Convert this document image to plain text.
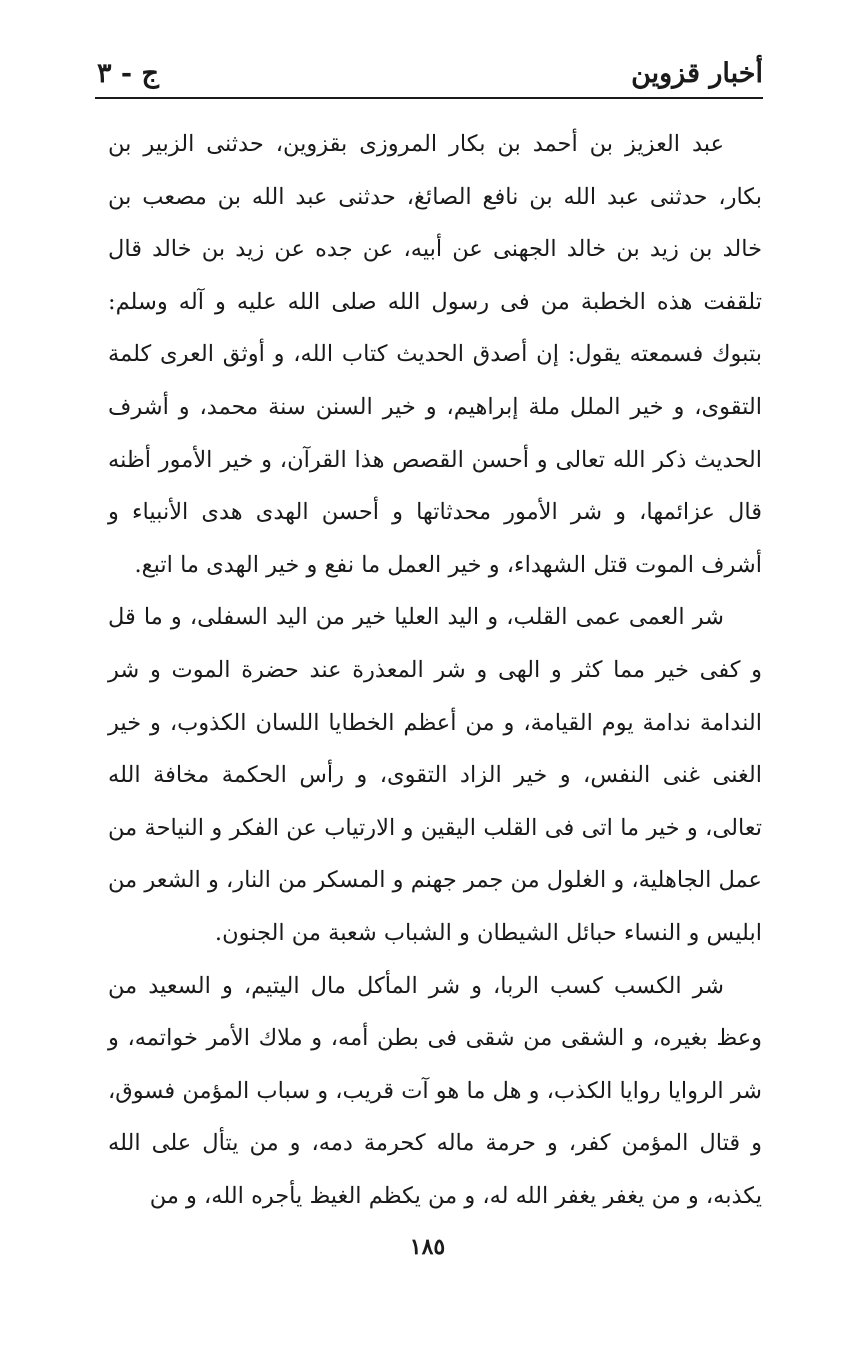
أخبار قزوين
ج - ٣

عبد العزيز بن أحمد بن بكار المروزى بقزوين، حدثنى الزبير بن بكار، حدثنى عبد الله بن نافع الصائغ، حدثنى عبد الله بن مصعب بن خالد بن زيد بن خالد الجهنى عن أبيه، عن جده عن زيد بن خالد قال تلقفت هذه الخطبة من فى رسول الله صلى الله عليه و آله وسلم: بتبوك فسمعته يقول: إن أصدق الحديث كتاب الله، و أوثق العرى كلمة التقوى، و خير الملل ملة إبراهيم، و خير السنن سنة محمد، و أشرف الحديث ذكر الله تعالى و أحسن القصص هذا القرآن، و خير الأمور أظنه قال عزائمها، و شر الأمور محدثاتها و أحسن الهدى هدى الأنبياء و أشرف الموت قتل الشهداء، و خير العمل ما نفع و خير الهدى ما اتبع.

شر العمى عمى القلب، و اليد العليا خير من اليد السفلى، و ما قل و كفى خير مما كثر و الهى و شر المعذرة عند حضرة الموت و شر الندامة ندامة يوم القيامة، و من أعظم الخطايا اللسان الكذوب، و خير الغنى غنى النفس، و خير الزاد التقوى، و رأس الحكمة مخافة الله تعالى، و خير ما اتى فى القلب اليقين و الارتياب عن الفكر و النياحة من عمل الجاهلية، و الغلول من جمر جهنم و المسكر من النار، و الشعر من ابليس و النساء حبائل الشيطان و الشباب شعبة من الجنون.

شر الكسب كسب الربا، و شر المأكل مال اليتيم، و السعيد من وعظ بغيره، و الشقى من شقى فى بطن أمه، و ملاك الأمر خواتمه، و شر الروايا روايا الكذب، و هل ما هو آت قريب، و سباب المؤمن فسوق، و قتال المؤمن كفر، و حرمة ماله كحرمة دمه، و من يتأل على الله يكذبه، و من يغفر يغفر الله له، و من يكظم الغيظ يأجره الله، و من

١٨٥
